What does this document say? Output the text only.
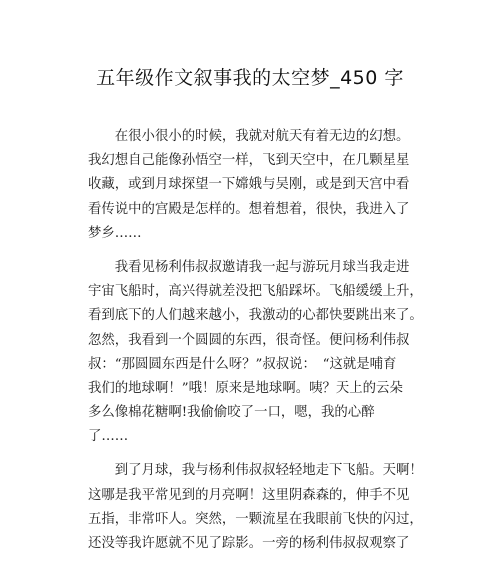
五年级作文叙事我的太空梦_450 字
　　在很小很小的时候，我就对航天有着无边的幻想。
我幻想自己能像孙悟空一样，飞到天空中，在几颗星星
收藏，或到月球探望一下嫦娥与吴刚，或是到天宫中看
看传说中的宫殿是怎样的。想着想着，很快，我进入了
梦乡……
　　我看见杨利伟叔叔邀请我一起与游玩月球当我走进
宇宙飞船时，高兴得就差没把飞船踩坏。飞船缓缓上升，
看到底下的人们越来越小，我激动的心都快要跳出来了。
忽然，我看到一个圆圆的东西，很奇怪。便问杨利伟叔
叔：“那圆圆东西是什么呀？”叔叔说：　“这就是哺育
我们的地球啊！”哦！原来是地球啊。咦？天上的云朵
多么像棉花糖啊!我偷偷咬了一口，嗯，我的心醉
了……
　　到了月球，我与杨利伟叔叔轻轻地走下飞船。天啊！
这哪是我平常见到的月亮啊！这里阴森森的，伸手不见
五指，非常吓人。突然，一颗流星在我眼前飞快的闪过，
还没等我许愿就不见了踪影。一旁的杨利伟叔叔观察了
